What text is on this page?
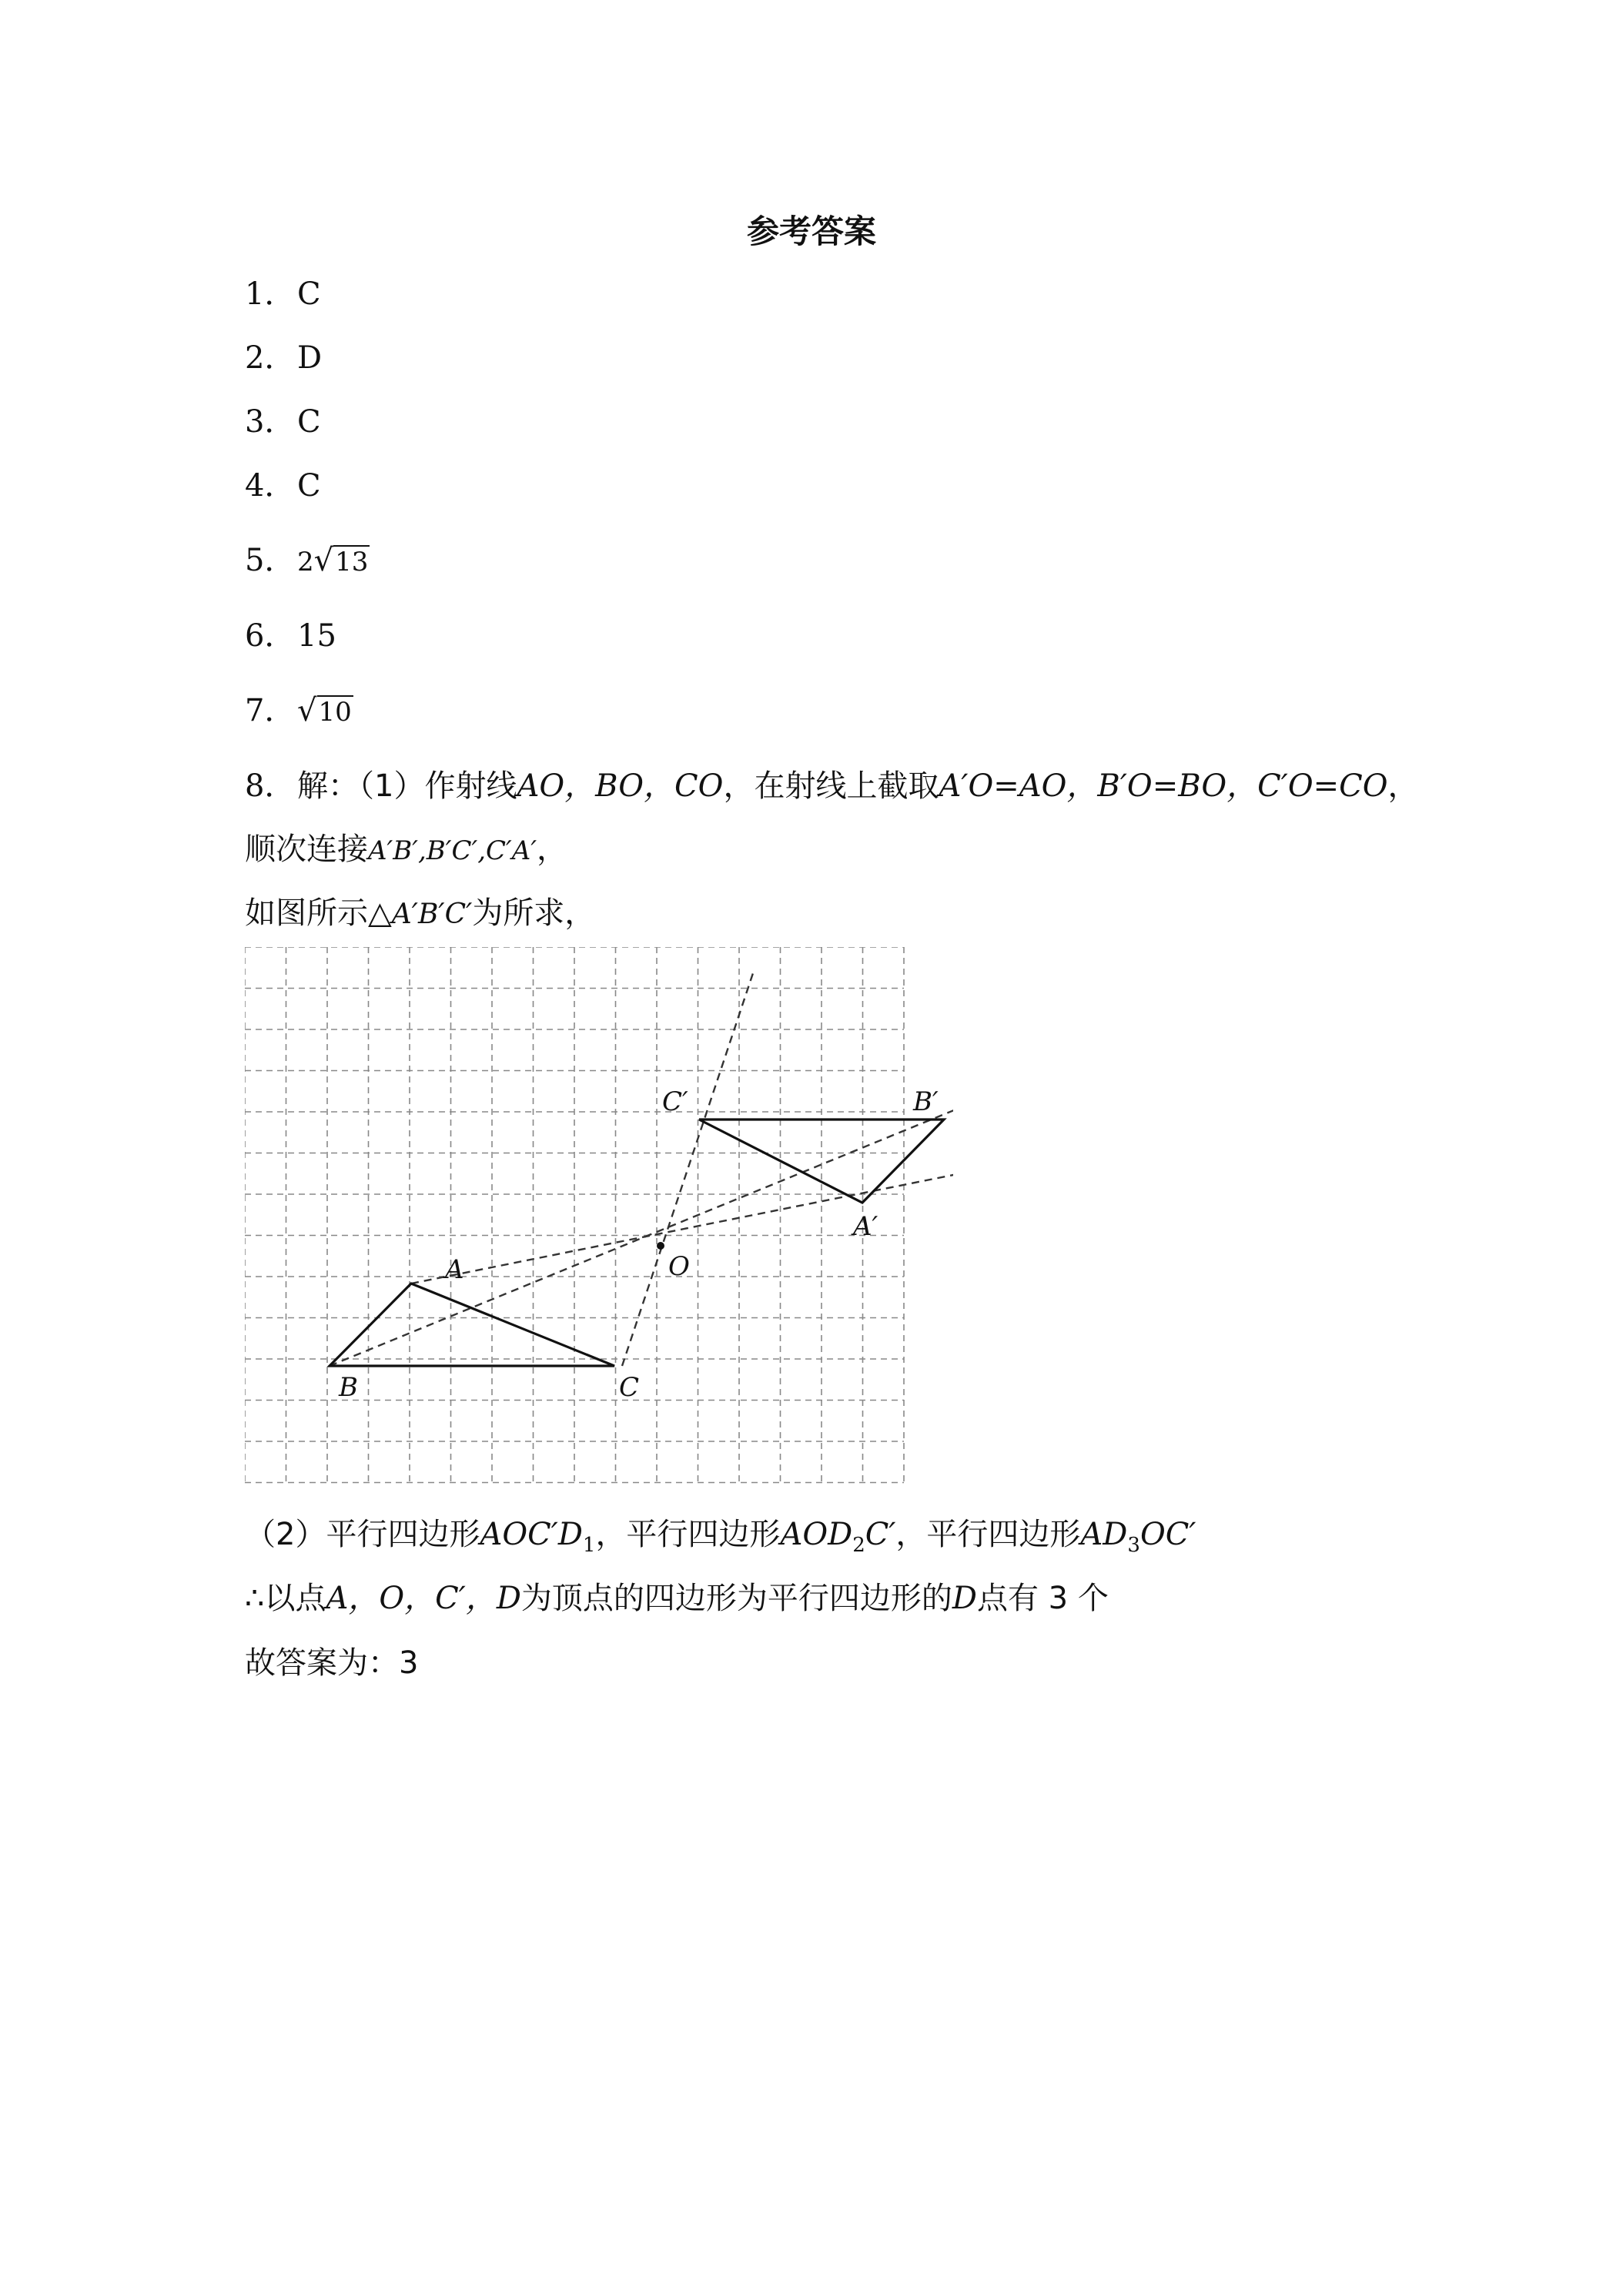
参考答案
1．C
2．D
3．C
4．C
5．2√13
6．15
7．√10
8．解：（1）作射线AO，BO，CO，在射线上截取A′O=AO，B′O=BO，C′O=CO，
顺次连接A′B′,B′C′,C′A′，
如图所示△A′B′C′为所求，
A
B	C
O
A′
B′
C′
（2）平行四边形$AOC'D_1$，平行四边形$AOD_2C'$，平行四边形$AD_3OC'$
∴以点A，O，C′，D为顶点的四边形为平行四边形的D点有 3 个
故答案为：3
